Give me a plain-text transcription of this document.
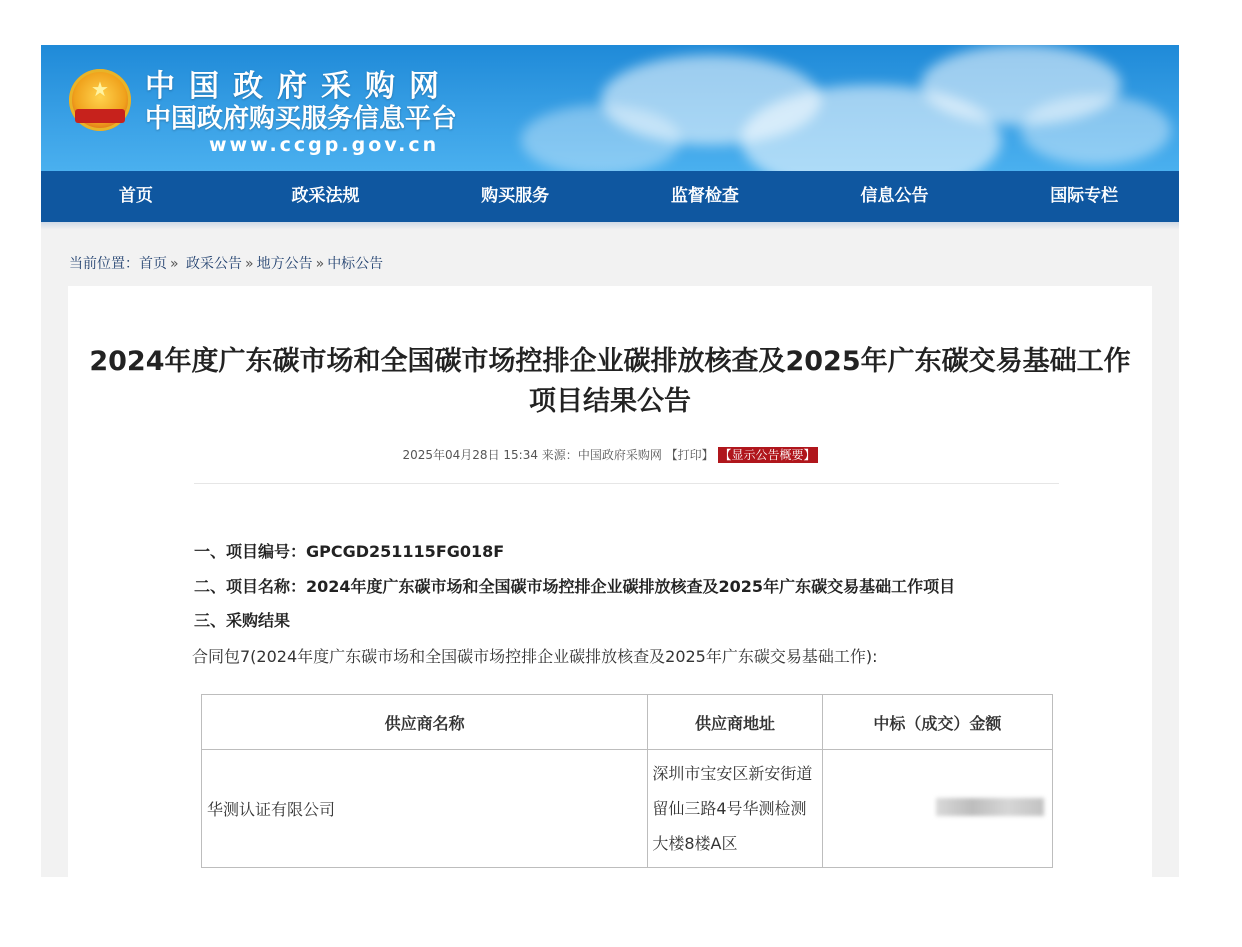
★	中国政府采购网
中国政府购买服务信息平台
www.ccgp.gov.cn
首页	政采法规	购买服务	监督检查	信息公告	国际专栏
当前位置：首页 » 政采公告 » 地方公告 » 中标公告
2024年度广东碳市场和全国碳市场控排企业碳排放核查及2025年广东碳交易基础工作项目结果公告
2025年04月28日 15:34 来源：中国政府采购网 【打印】 【显示公告概要】
一、项目编号：GPCGD251115FG018F
二、项目名称：2024年度广东碳市场和全国碳市场控排企业碳排放核查及2025年广东碳交易基础工作项目
三、采购结果
合同包7(2024年度广东碳市场和全国碳市场控排企业碳排放核查及2025年广东碳交易基础工作):
供应商名称	供应商地址	中标（成交）金额
华测认证有限公司	深圳市宝安区新安街道留仙三路4号华测检测大楼8楼A区	
